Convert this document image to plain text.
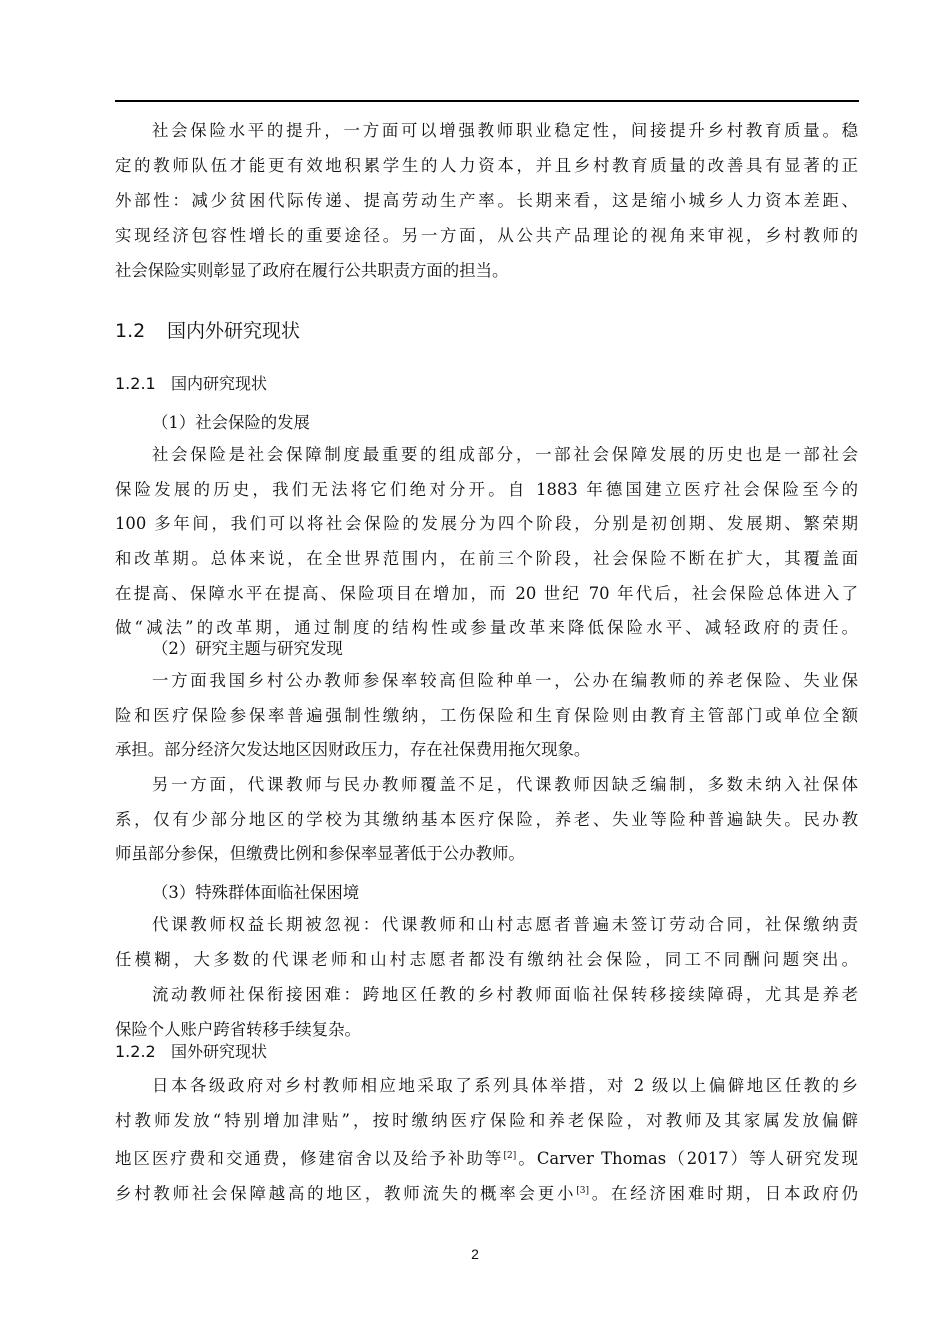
社会保险水平的提升，一方面可以增强教师职业稳定性，间接提升乡村教育质量。稳
定的教师队伍才能更有效地积累学生的人力资本，并且乡村教育质量的改善具有显著的正
外部性：减少贫困代际传递、提高劳动生产率。长期来看，这是缩小城乡人力资本差距、
实现经济包容性增长的重要途径。另一方面，从公共产品理论的视角来审视，乡村教师的
社会保险实则彰显了政府在履行公共职责方面的担当。
1.2 国内外研究现状
1.2.1 国内研究现状
（1）社会保险的发展
社会保险是社会保障制度最重要的组成部分，一部社会保障发展的历史也是一部社会
保险发展的历史，我们无法将它们绝对分开。自 1883 年德国建立医疗社会保险至今的
100 多年间，我们可以将社会保险的发展分为四个阶段，分别是初创期、发展期、繁荣期
和改革期。总体来说，在全世界范围内，在前三个阶段，社会保险不断在扩大，其覆盖面
在提高、保障水平在提高、保险项目在增加，而 20 世纪 70 年代后，社会保险总体进入了
做“减法”的改革期，通过制度的结构性或参量改革来降低保险水平、减轻政府的责任。
（2）研究主题与研究发现
一方面我国乡村公办教师参保率较高但险种单一，公办在编教师的养老保险、失业保
险和医疗保险参保率普遍强制性缴纳，工伤保险和生育保险则由教育主管部门或单位全额
承担。部分经济欠发达地区因财政压力，存在社保费用拖欠现象。
另一方面，代课教师与民办教师覆盖不足，代课教师因缺乏编制，多数未纳入社保体
系，仅有少部分地区的学校为其缴纳基本医疗保险，养老、失业等险种普遍缺失。民办教
师虽部分参保，但缴费比例和参保率显著低于公办教师。
（3）特殊群体面临社保困境
代课教师权益长期被忽视：代课教师和山村志愿者普遍未签订劳动合同，社保缴纳责
任模糊，大多数的代课老师和山村志愿者都没有缴纳社会保险，同工不同酬问题突出。
流动教师社保衔接困难：跨地区任教的乡村教师面临社保转移接续障碍，尤其是养老
保险个人账户跨省转移手续复杂。
1.2.2 国外研究现状
日本各级政府对乡村教师相应地采取了系列具体举措，对 2 级以上偏僻地区任教的乡
村教师发放“特别增加津贴”，按时缴纳医疗保险和养老保险，对教师及其家属发放偏僻
地区医疗费和交通费，修建宿舍以及给予补助等[2]。Carver Thomas（2017）等人研究发现
乡村教师社会保障越高的地区，教师流失的概率会更小[3]。在经济困难时期，日本政府仍
2
